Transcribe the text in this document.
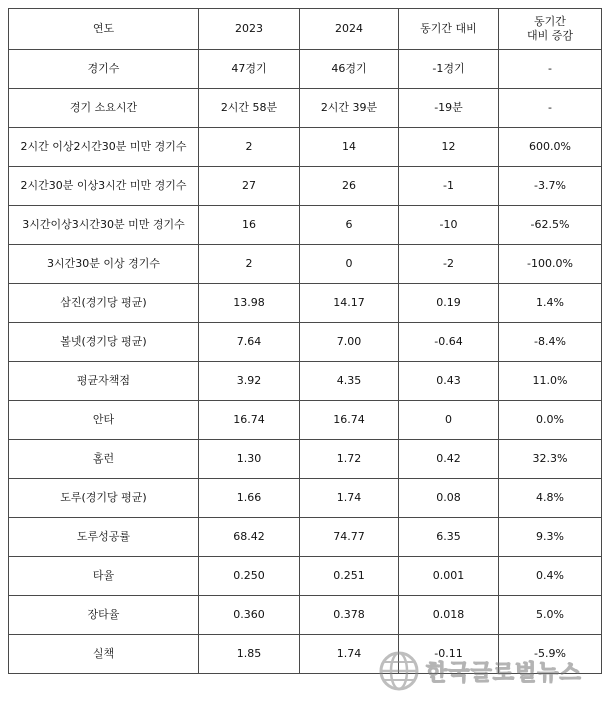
연도	2023	2024	동기간 대비	동기간
대비 증감

경기수	47경기	46경기	-1경기	-
경기 소요시간	2시간 58분	2시간 39분	-19분	-
2시간 이상2시간30분 미만 경기수	2	14	12	600.0%
2시간30분 이상3시간 미만 경기수	27	26	-1	-3.7%
3시간이상3시간30분 미만 경기수	16	6	-10	-62.5%
3시간30분 이상 경기수	2	0	-2	-100.0%
삼진(경기당 평균)	13.98	14.17	0.19	1.4%
볼넷(경기당 평균)	7.64	7.00	-0.64	-8.4%
평균자책점	3.92	4.35	0.43	11.0%
안타	16.74	16.74	0	0.0%
홈런	1.30	1.72	0.42	32.3%
도루(경기당 평균)	1.66	1.74	0.08	4.8%
도루성공률	68.42	74.77	6.35	9.3%
타율	0.250	0.251	0.001	0.4%
장타율	0.360	0.378	0.018	5.0%
실책	1.85	1.74	-0.11	-5.9%
한국글로벌뉴스
